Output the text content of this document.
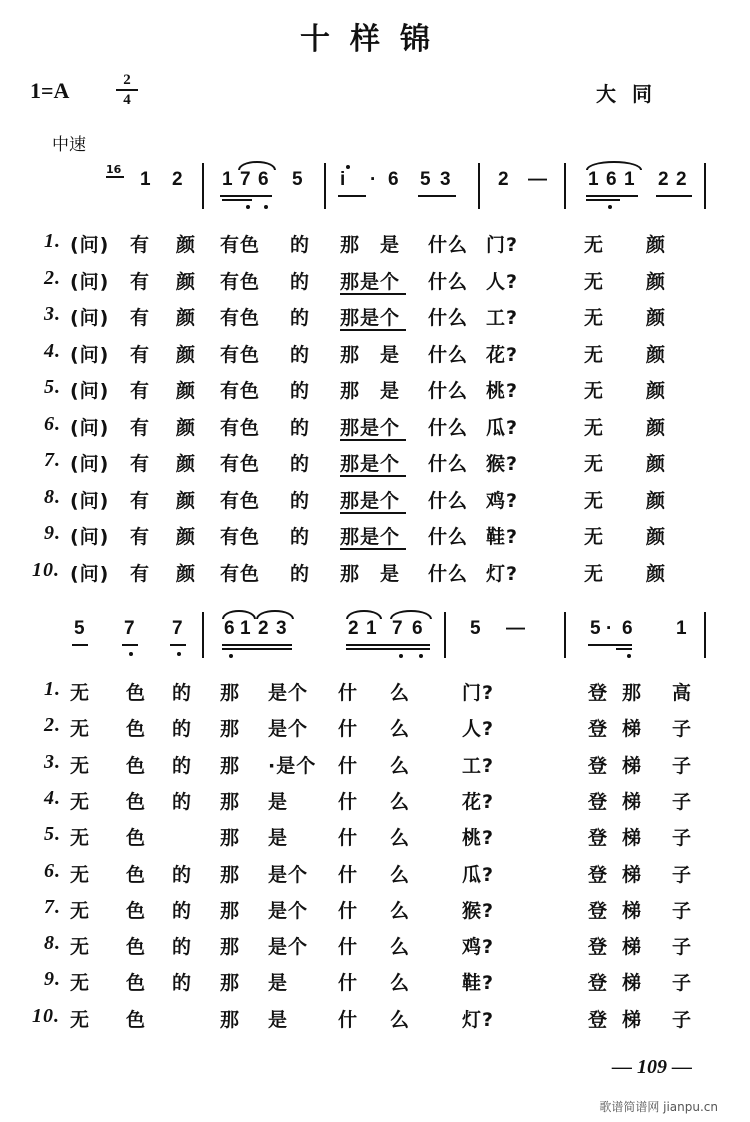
十样锦
1=A	2
4	大同
中速
16 1 2 1 7 6 5 i · 6 5 3 2 — 1 6 1 2 2
1. (问) 有 颜 有色 的 那 是 什么 门?	无 颜
2. (问) 有 颜 有色 的 那是个 什么 人?	无 颜
3. (问) 有 颜 有色 的 那是个 什么 工?	无 颜
4. (问) 有 颜 有色 的 那 是 什么 花?	无 颜
5. (问) 有 颜 有色 的 那 是 什么 桃?	无 颜
6. (问) 有 颜 有色 的 那是个 什么 瓜?	无 颜
7. (问) 有 颜 有色 的 那是个 什么 猴?	无 颜
8. (问) 有 颜 有色 的 那是个 什么 鸡?	无 颜
9. (问) 有 颜 有色 的 那是个 什么 鞋?	无 颜
10. (问) 有 颜 有色 的 那 是 什么 灯?	无 颜
5 7 7 6 1 2 3	2 1 7 6 5 —	5 · 6 1
1. 无 色 的 那 是个 什 么	门?	登 那 高
2. 无 色 的 那 是个 什 么	人?	登 梯 子
3. 无 色 的 那 ·是个 什 么	工?	登 梯 子
4. 无 色 的 那 是	什 么	花?	登 梯 子
5. 无 色	那 是	什 么	桃?	登 梯 子
6. 无 色 的 那 是个 什 么	瓜?	登 梯 子
7. 无 色 的 那 是个 什 么	猴?	登 梯 子
8. 无 色 的 那 是个 什 么	鸡?	登 梯 子
9. 无 色 的 那 是	什 么	鞋?	登 梯 子
10. 无 色	那 是	什 么	灯?	登 梯 子
— 109 —
歌谱简谱网 jianpu.cn
